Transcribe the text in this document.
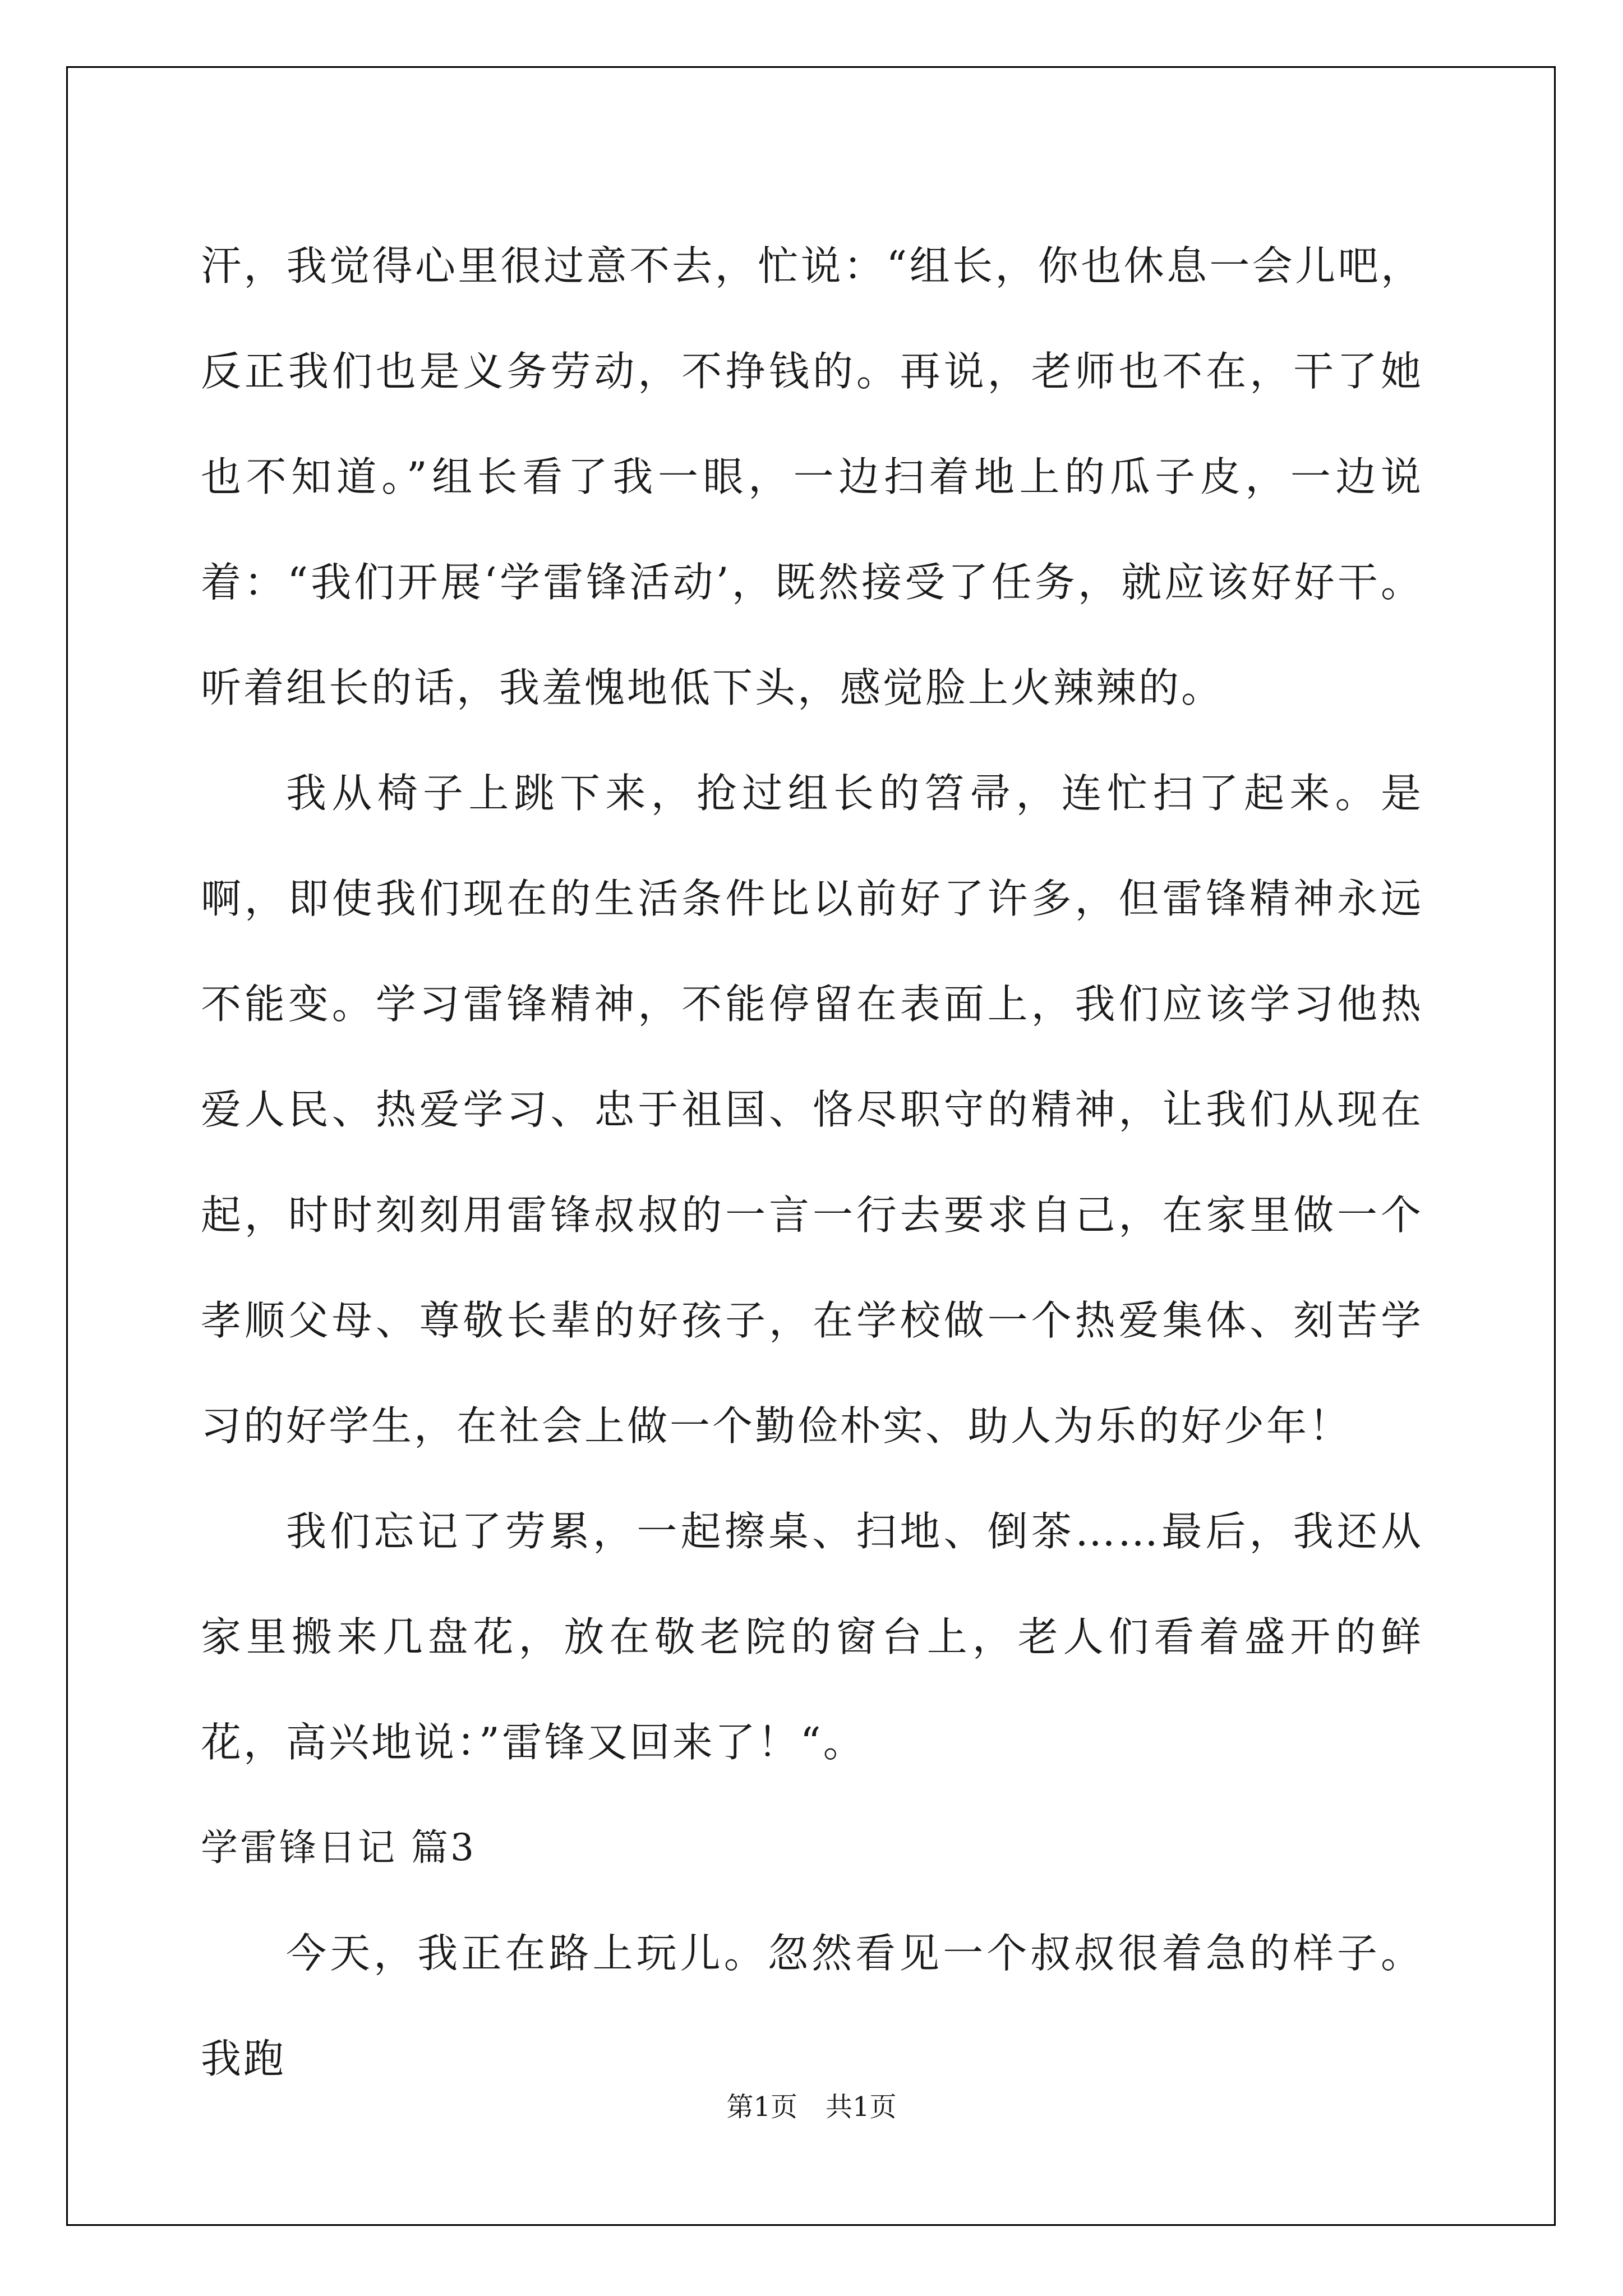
汗，我觉得心里很过意不去，忙说：“组长，你也休息一会儿吧，反正我们也是义务劳动，不挣钱的。再说，老师也不在，干了她也不知道。”组长看了我一眼，一边扫着地上的瓜子皮，一边说着：“我们开展‘学雷锋活动’，既然接受了任务，就应该好好干。听着组长的话，我羞愧地低下头，感觉脸上火辣辣的。

我从椅子上跳下来，抢过组长的笤帚，连忙扫了起来。是啊，即使我们现在的生活条件比以前好了许多，但雷锋精神永远不能变。学习雷锋精神，不能停留在表面上，我们应该学习他热爱人民、热爱学习、忠于祖国、恪尽职守的精神，让我们从现在起，时时刻刻用雷锋叔叔的一言一行去要求自己，在家里做一个孝顺父母、尊敬长辈的好孩子，在学校做一个热爱集体、刻苦学习的好学生，在社会上做一个勤俭朴实、助人为乐的好少年！

我们忘记了劳累，一起擦桌、扫地、倒茶……最后，我还从家里搬来几盘花，放在敬老院的窗台上，老人们看着盛开的鲜花，高兴地说：”雷锋又回来了！“。

学雷锋日记 篇3

今天，我正在路上玩儿。忽然看见一个叔叔很着急的样子。我跑

第1页 共1页
